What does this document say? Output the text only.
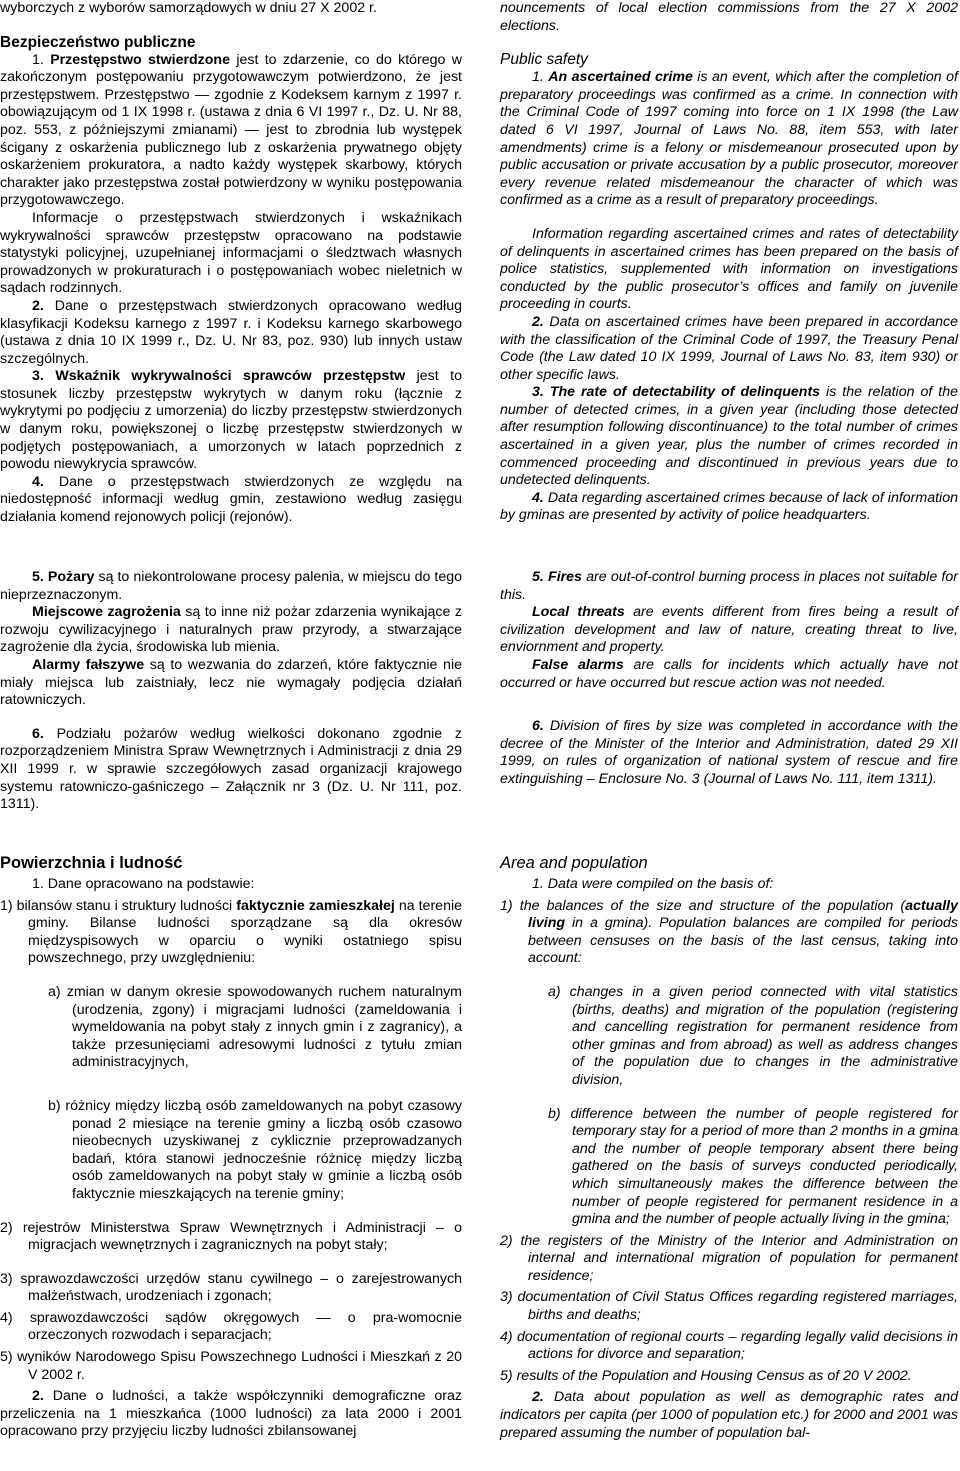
wyborczych z wyborów samorządowych w dniu 27 X 2002 r.

Bezpieczeństwo publiczne

1. Przestępstwo stwierdzone jest to zdarzenie, co do którego w zakończonym postępowaniu przygotowawczym potwierdzono, że jest przestępstwem. Przestępstwo — zgodnie z Kodeksem karnym z 1997 r. obowiązującym od 1 IX 1998 r. (ustawa z dnia 6 VI 1997 r., Dz. U. Nr 88, poz. 553, z późniejszymi zmianami) — jest to zbrodnia lub występek ścigany z oskarżenia publicznego lub z oskarżenia prywatnego objęty oskarżeniem prokuratora, a nadto każdy występek skarbowy, których charakter jako przestępstwa został potwierdzony w wyniku postępowania przygotowawczego.

Informacje o przestępstwach stwierdzonych i wskaźnikach wykrywalności sprawców przestępstw opracowano na podstawie statystyki policyjnej, uzupełnianej informacjami o śledztwach własnych prowadzonych w prokuraturach i o postępowaniach wobec nieletnich w sądach rodzinnych.

2. Dane o przestępstwach stwierdzonych opracowano według klasyfikacji Kodeksu karnego z 1997 r. i Kodeksu karnego skarbowego (ustawa z dnia 10 IX 1999 r., Dz. U. Nr 83, poz. 930) lub innych ustaw szczególnych.

3. Wskaźnik wykrywalności sprawców przestępstw jest to stosunek liczby przestępstw wykrytych w danym roku (łącznie z wykrytymi po podjęciu z umorzenia) do liczby przestępstw stwierdzonych w danym roku, powiększonej o liczbę przestępstw stwierdzonych w podjętych postępowaniach, a umorzonych w latach poprzednich z powodu niewykrycia sprawców.

4. Dane o przestępstwach stwierdzonych ze względu na niedostępność informacji według gmin, zestawiono według zasięgu działania komend rejonowych policji (rejonów).

5. Pożary są to niekontrolowane procesy palenia, w miejscu do tego nieprzeznaczonym.

Miejscowe zagrożenia są to inne niż pożar zdarzenia wynikające z rozwoju cywilizacyjnego i naturalnych praw przyrody, a stwarzające zagrożenie dla życia, środowiska lub mienia.

Alarmy fałszywe są to wezwania do zdarzeń, które faktycznie nie miały miejsca lub zaistniały, lecz nie wymagały podjęcia działań ratowniczych.

6. Podziału pożarów według wielkości dokonano zgodnie z rozporządzeniem Ministra Spraw Wewnętrznych i Administracji z dnia 29 XII 1999 r. w sprawie szczegółowych zasad organizacji krajowego systemu ratowniczo-gaśniczego – Załącznik nr 3 (Dz. U. Nr 111, poz. 1311).

Powierzchnia i ludność

1. Dane opracowano na podstawie:

1) bilansów stanu i struktury ludności faktycznie zamieszkałej na terenie gminy. Bilanse ludności sporządzane są dla okresów międzyspisowych w oparciu o wyniki ostatniego spisu powszechnego, przy uwzględnieniu:

a) zmian w danym okresie spowodowanych ruchem naturalnym (urodzenia, zgony) i migracjami ludności (zameldowania i wymeldowania na pobyt stały z innych gmin i z zagranicy), a także przesunięciami adresowymi ludności z tytułu zmian administracyjnych,

b) różnicy między liczbą osób zameldowanych na pobyt czasowy ponad 2 miesiące na terenie gminy a liczbą osób czasowo nieobecnych uzyskiwanej z cyklicznie przeprowadzanych badań, która stanowi jednocześnie różnicę między liczbą osób zameldowanych na pobyt stały w gminie a liczbą osób faktycznie mieszkających na terenie gminy;

2) rejestrów Ministerstwa Spraw Wewnętrznych i Administracji – o migracjach wewnętrznych i zagranicznych na pobyt stały;

3) sprawozdawczości urzędów stanu cywilnego – o zarejestrowanych małżeństwach, urodzeniach i zgonach;

4) sprawozdawczości sądów okręgowych — o pra-womocnie orzeczonych rozwodach i separacjach;

5) wyników Narodowego Spisu Powszechnego Ludności i Mieszkań z 20 V 2002 r.

2. Dane o ludności, a także współczynniki demograficzne oraz przeliczenia na 1 mieszkańca (1000 ludności) za lata 2000 i 2001 opracowano przy przyjęciu liczby ludności zbilansowanej

nouncements of local election commissions from the 27 X 2002 elections.

Public safety

1. An ascertained crime is an event, which after the completion of preparatory proceedings was confirmed as a crime. In connection with the Criminal Code of 1997 coming into force on 1 IX 1998 (the Law dated 6 VI 1997, Journal of Laws No. 88, item 553, with later amendments) crime is a felony or misdemeanour prosecuted upon by public accusation or private accusation by a public prosecutor, moreover every revenue related misdemeanour the character of which was confirmed as a crime as a result of preparatory proceedings.

Information regarding ascertained crimes and rates of detectability of delinquents in ascertained crimes has been prepared on the basis of police statistics, supplemented with information on investigations conducted by the public prosecutor’s offices and family on juvenile proceeding in courts.

2. Data on ascertained crimes have been prepared in accordance with the classification of the Criminal Code of 1997, the Treasury Penal Code (the Law dated 10 IX 1999, Journal of Laws No. 83, item 930) or other specific laws.

3. The rate of detectability of delinquents is the relation of the number of detected crimes, in a given year (including those detected after resumption following discontinuance) to the total number of crimes ascertained in a given year, plus the number of crimes recorded in commenced proceeding and discontinued in previous years due to undetected delinquents.

4. Data regarding ascertained crimes because of lack of information by gminas are presented by activity of police headquarters.

5. Fires are out-of-control burning process in places not suitable for this.

Local threats are events different from fires being a result of civilization development and law of nature, creating threat to live, enviornment and property.

False alarms are calls for incidents which actually have not occurred or have occurred but rescue action was not needed.

6. Division of fires by size was completed in accordance with the decree of the Minister of the Interior and Administration, dated 29 XII 1999, on rules of organization of national system of rescue and fire extinguishing – Enclosure No. 3 (Journal of Laws No. 111, item 1311).

Area and population

1. Data were compiled on the basis of:

1) the balances of the size and structure of the population (actually living in a gmina). Population balances are compiled for periods between censuses on the basis of the last census, taking into account:

a) changes in a given period connected with vital statistics (births, deaths) and migration of the population (registering and cancelling registration for permanent residence from other gminas and from abroad) as well as address changes of the population due to changes in the administrative division,

b) difference between the number of people registered for temporary stay for a period of more than 2 months in a gmina and the number of people temporary absent there being gathered on the basis of surveys conducted periodically, which simultaneously makes the difference between the number of people registered for permanent residence in a gmina and the number of people actually living in the gmina;

2) the registers of the Ministry of the Interior and Administration on internal and international migration of population for permanent residence;

3) documentation of Civil Status Offices regarding registered marriages, births and deaths;

4) documentation of regional courts – regarding legally valid decisions in actions for divorce and separation;

5) results of the Population and Housing Census as of 20 V 2002.

2. Data about population as well as demographic rates and indicators per capita (per 1000 of population etc.) for 2000 and 2001 was prepared assuming the number of population bal-
